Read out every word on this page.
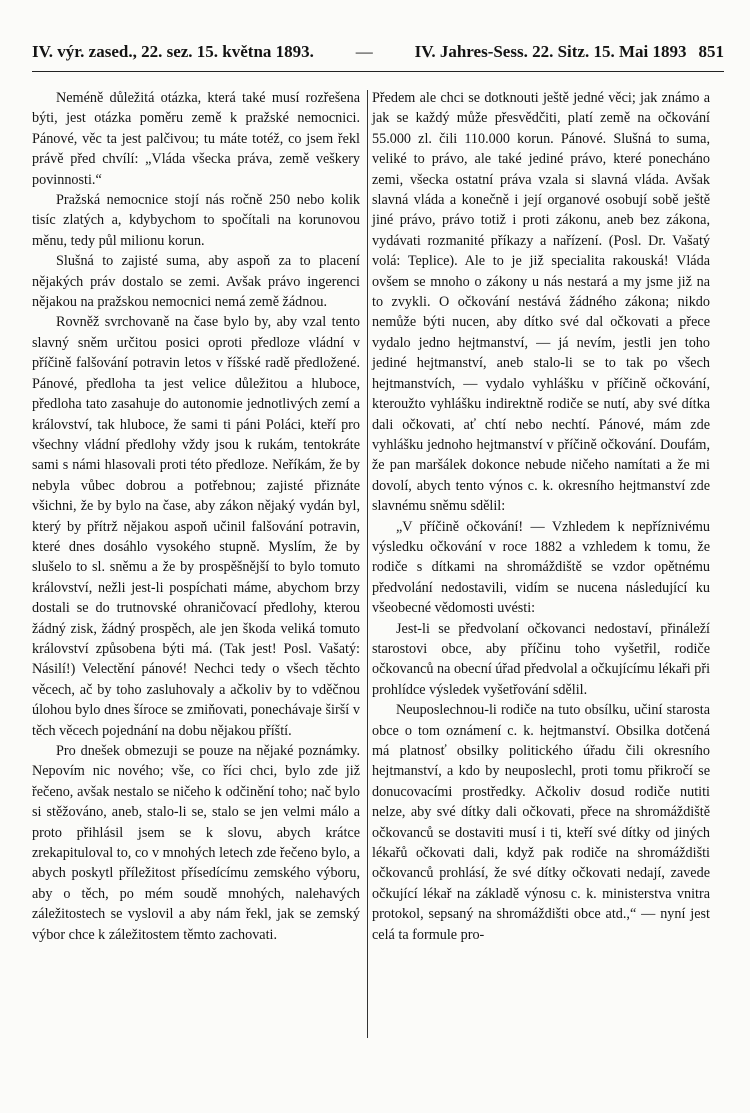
IV. výr. zased., 22. sez. 15. května 1893. — IV. Jahres-Sess. 22. Sitz. 15. Mai 1893 851

Neméně důležitá otázka, která také musí rozřešena býti, jest otázka poměru země k pražské nemocnici. Pánové, věc ta jest palčivou; tu máte totéž, co jsem řekl právě před chvílí: „Vláda všecka práva, země veškery povinnosti.“

Pražská nemocnice stojí nás ročně 250 nebo kolik tisíc zlatých a, kdybychom to spočítali na korunovou měnu, tedy půl milionu korun.

Slušná to zajisté suma, aby aspoň za to placení nějakých práv dostalo se zemi. Avšak právo ingerenci nějakou na pražskou nemocnici nemá země žádnou.

Rovněž svrchovaně na čase bylo by, aby vzal tento slavný sněm určitou posici oproti předloze vládní v příčině falšování potravin letos v říšské radě předložené. Pánové, předloha ta jest velice důležitou a hluboce, předloha tato zasahuje do autonomie jednotlivých zemí a království, tak hluboce, že sami ti páni Poláci, kteří pro všechny vládní předlohy vždy jsou k rukám, tentokráte sami s námi hlasovali proti této předloze. Neříkám, že by nebyla vůbec dobrou a potřebnou; zajisté přiznáte všichni, že by bylo na čase, aby zákon nějaký vydán byl, který by přítrž nějakou aspoň učinil falšování potravin, které dnes dosáhlo vysokého stupně. Myslím, že by slušelo to sl. sněmu a že by prospěšnější to bylo tomuto království, nežli jest-li pospíchati máme, abychom brzy dostali se do trutnovské ohraničovací předlohy, kterou žádný zisk, žádný prospěch, ale jen škoda veliká tomuto království způsobena býti má. (Tak jest! Posl. Vašatý: Násilí!) Velectění pánové! Nechci tedy o všech těchto věcech, ač by toho zasluhovaly a ačkoliv by to vděčnou úlohou bylo dnes šíroce se zmiňovati, ponechávaje širší v těch věcech pojednání na dobu nějakou příští.

Pro dnešek obmezuji se pouze na nějaké poznámky. Nepovím nic nového; vše, co říci chci, bylo zde již řečeno, avšak nestalo se ničeho k odčinění toho; nač bylo si stěžováno, aneb, stalo-li se, stalo se jen velmi málo a proto přihlásil jsem se k slovu, abych krátce zrekapituloval to, co v mnohých letech zde řečeno bylo, a abych poskytl příležitost přísedícímu zemského výboru, aby o těch, po mém soudě mnohých, nalehavých záležitostech se vyslovil a aby nám řekl, jak se zemský výbor chce k záležitostem těmto zachovati.

Předem ale chci se dotknouti ještě jedné věci; jak známo a jak se každý může přesvědčiti, platí země na očkování 55.000 zl. čili 110.000 korun. Pánové. Slušná to suma, veliké to právo, ale také jediné právo, které ponecháno zemi, všecka ostatní práva vzala si slavná vláda. Avšak slavná vláda a konečně i její organové osobují sobě ještě jiné právo, právo totiž i proti zákonu, aneb bez zákona, vydávati rozmanité příkazy a nařízení. (Posl. Dr. Vašatý volá: Teplice). Ale to je již specialita rakouská! Vláda ovšem se mnoho o zákony u nás nestará a my jsme již na to zvykli. O očkování nestává žádného zákona; nikdo nemůže býti nucen, aby dítko své dal očkovati a přece vydalo jedno hejtmanství, — já nevím, jestli jen toho jediné hejtmanství, aneb stalo-li se to tak po všech hejtmanstvích, — vydalo vyhlášku v příčině očkování, kteroužto vyhlášku indirektně rodiče se nutí, aby své dítka dali očkovati, ať chtí nebo nechtí. Pánové, mám zde vyhlášku jednoho hejtmanství v příčině očkování. Doufám, že pan maršálek dokonce nebude ničeho namítati a že mi dovolí, abych tento výnos c. k. okresního hejtmanství zde slavnému sněmu sdělil:

„V příčině očkování! — Vzhledem k nepříznivému výsledku očkování v roce 1882 a vzhledem k tomu, že rodiče s dítkami na shromáždiště se vzdor opětnému předvolání nedostavili, vidím se nucena následující ku všeobecné vědomosti uvésti:

Jest-li se předvolaní očkovanci nedostaví, přináleží starostovi obce, aby příčinu toho vyšetřil, rodiče očkovanců na obecní úřad předvolal a očkujícímu lékaři při prohlídce výsledek vyšetřování sdělil.

Neuposlechnou-li rodiče na tuto obsílku, učiní starosta obce o tom oznámení c. k. hejtmanství. Obsilka dotčená má platnosť obsilky politického úřadu čili okresního hejtmanství, a kdo by neuposlechl, proti tomu přikročí se donucovacími prostředky. Ačkoliv dosud rodiče nutiti nelze, aby své dítky dali očkovati, přece na shromáždiště očkovanců se dostaviti musí i ti, kteří své dítky od jiných lékařů očkovati dali, když pak rodiče na shromáždišti očkovanců prohlásí, že své dítky očkovati nedají, zavede očkující lékař na základě výnosu c. k. ministerstva vnitra protokol, sepsaný na shromáždišti obce atd.,“ — nyní jest celá ta formule pro-
